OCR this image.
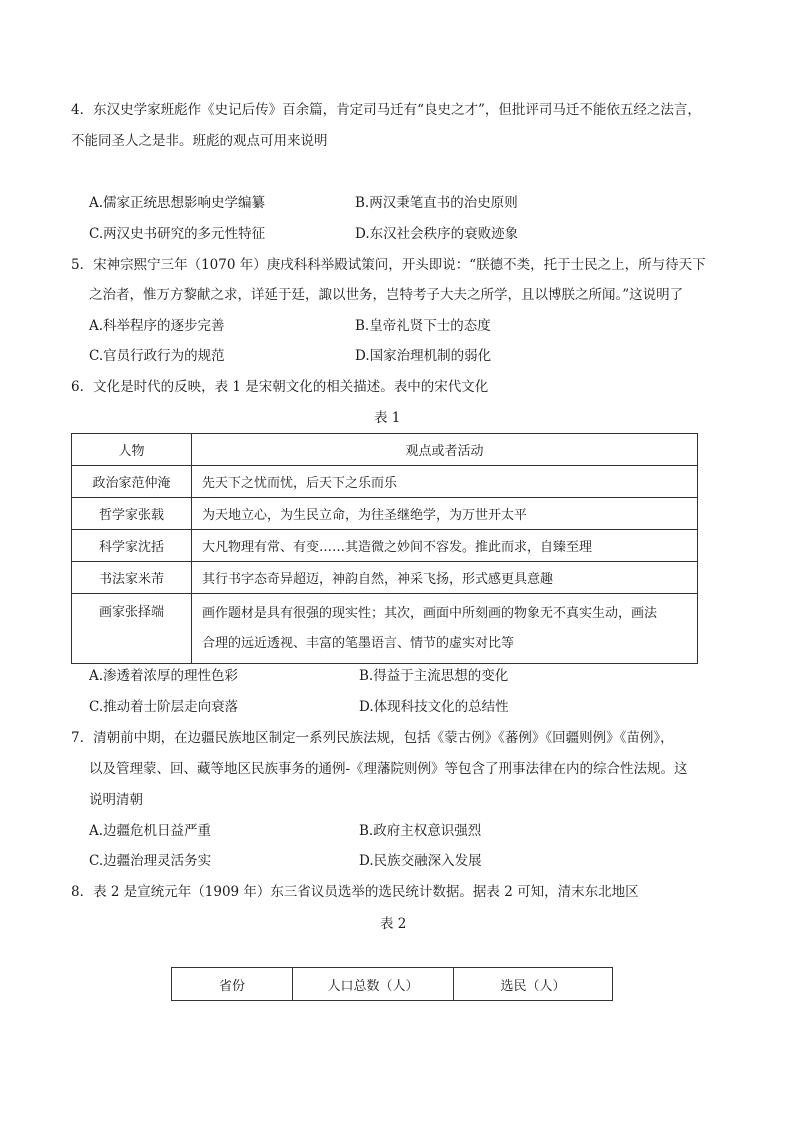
4．东汉史学家班彪作《史记后传》百余篇，肯定司马迁有“良史之才”，但批评司马迁不能依五经之法言，
不能同圣人之是非。班彪的观点可用来说明
A.儒家正统思想影响史学编纂	B.两汉秉笔直书的治史原则
C.两汉史书研究的多元性特征	D.东汉社会秩序的衰败迹象
5．宋神宗熙宁三年（1070 年）庚戌科科举殿试策问，开头即说：“朕德不类，托于士民之上，所与待天下
之治者，惟万方黎献之求，详延于廷，諏以世务，岂特考子大夫之所学，且以博朕之所闻。”这说明了
A.科举程序的逐步完善	B.皇帝礼贤下士的态度
C.官员行政行为的规范	D.国家治理机制的弱化
6．文化是时代的反映，表 1 是宋朝文化的相关描述。表中的宋代文化
表 1
人物	观点或者活动
政治家范仲淹	先天下之忧而忧，后天下之乐而乐
哲学家张载	为天地立心，为生民立命，为往圣继绝学，为万世开太平
科学家沈括	大凡物理有常、有变……其造微之妙间不容发。推此而求，自臻至理
书法家米芾	其行书字态奇异超迈，神韵自然，神采飞扬，形式感更具意趣
画家张择端	画作题材是具有很强的现实性；其次，画面中所刻画的物象无不真实生动，画法
合理的远近透视、丰富的笔墨语言、情节的虚实对比等
A.渗透着浓厚的理性色彩	B.得益于主流思想的变化
C.推动着士阶层走向衰落	D.体现科技文化的总结性
7．清朝前中期，在边疆民族地区制定一系列民族法规，包括《蒙古例》《蕃例》《回疆则例》《苗例》，
以及管理蒙、回、藏等地区民族事务的通例-《理藩院则例》等包含了刑事法律在内的综合性法规。这
说明清朝
A.边疆危机日益严重	B.政府主权意识强烈
C.边疆治理灵活务实	D.民族交融深入发展
8．表 2 是宣统元年（1909 年）东三省议员选举的选民统计数据。据表 2 可知，清末东北地区
表 2
省份	人口总数（人）	选民（人）
